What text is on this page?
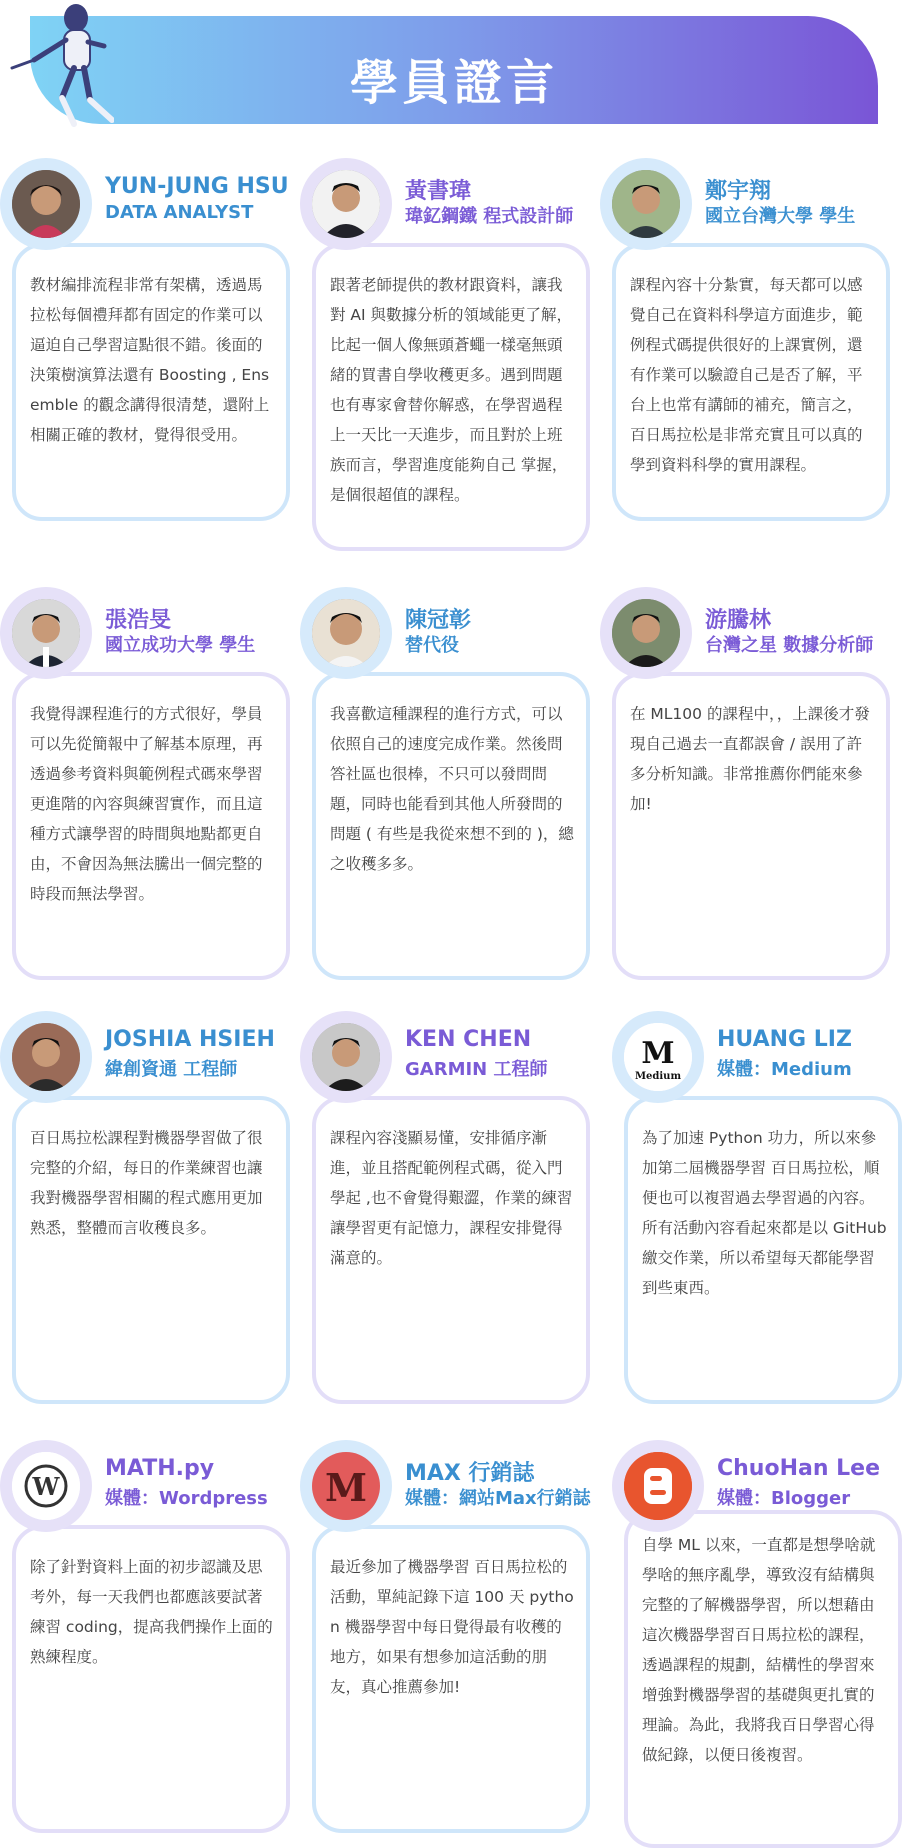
學員證言
YUN-JUNG HSU
DATA ANALYST
教材編排流程非常有架構，透過馬拉松每個禮拜都有固定的作業可以逼迫自己學習這點很不錯。後面的決策樹演算法還有 Boosting , Ensemble 的觀念講得很清楚，還附上相關正確的教材，覺得很受用。
黃書瑋
瑋釔鋼鐵 程式設計師
跟著老師提供的教材跟資料，讓我對 AI 與數據分析的領域能更了解，比起一個人像無頭蒼蠅一樣毫無頭緒的買書自學收穫更多。遇到問題也有專家會替你解惑，在學習過程上一天比一天進步，而且對於上班族而言，學習進度能夠自己 掌握，是個很超值的課程。
鄭宇翔
國立台灣大學 學生
課程內容十分紮實，每天都可以感覺自己在資料科學這方面進步，範例程式碼提供很好的上課實例，還有作業可以驗證自己是否了解，平台上也常有講師的補充，簡言之，百日馬拉松是非常充實且可以真的學到資料科學的實用課程。
張浩旻
國立成功大學 學生
我覺得課程進行的方式很好，學員可以先從簡報中了解基本原理，再透過參考資料與範例程式碼來學習更進階的內容與練習實作，而且這種方式讓學習的時間與地點都更自由，不會因為無法騰出一個完整的時段而無法學習。
陳冠彰
替代役
我喜歡這種課程的進行方式，可以依照自己的速度完成作業。然後問答社區也很棒，不只可以發問問題，同時也能看到其他人所發問的問題 ( 有些是我從來想不到的 )，總之收穫多多。
游騰林
台灣之星 數據分析師
在 ML100 的課程中，，上課後才發現自己過去一直都誤會 / 誤用了許多分析知識。非常推薦你們能來參加!
JOSHIA HSIEH
緯創資通 工程師
百日馬拉松課程對機器學習做了很完整的介紹，每日的作業練習也讓我對機器學習相關的程式應用更加熟悉，整體而言收穫良多。
KEN CHEN
GARMIN 工程師
課程內容淺顯易懂，安排循序漸進，並且搭配範例程式碼，從入門學起 ,也不會覺得艱澀，作業的練習讓學習更有記憶力，課程安排覺得滿意的。
M
Medium
HUANG LIZ
媒體：Medium
為了加速 Python 功力，所以來參加第二屆機器學習 百日馬拉松，順便也可以複習過去學習過的內容。所有活動內容看起來都是以 GitHub 繳交作業，所以希望每天都能學習到些東西。
W
MATH.py
媒體：Wordpress
除了針對資料上面的初步認識及思考外，每一天我們也都應該要試著練習 coding，提高我們操作上面的熟練程度。
M	MAX 行銷誌
媒體：網站Max行銷誌
最近參加了機器學習 百日馬拉松的活動，單純記錄下這 100 天 python 機器學習中每日覺得最有收穫的地方，如果有想參加這活動的朋友，真心推薦參加!
ChuoHan Lee
媒體：Blogger
自學 ML 以來，一直都是想學啥就學啥的無序亂學，導致沒有結構與完整的了解機器學習，所以想藉由這次機器學習百日馬拉松的課程，透過課程的規劃，結構性的學習來增強對機器學習的基礎與更扎實的理論。為此，我將我百日學習心得做紀錄，以便日後複習。
